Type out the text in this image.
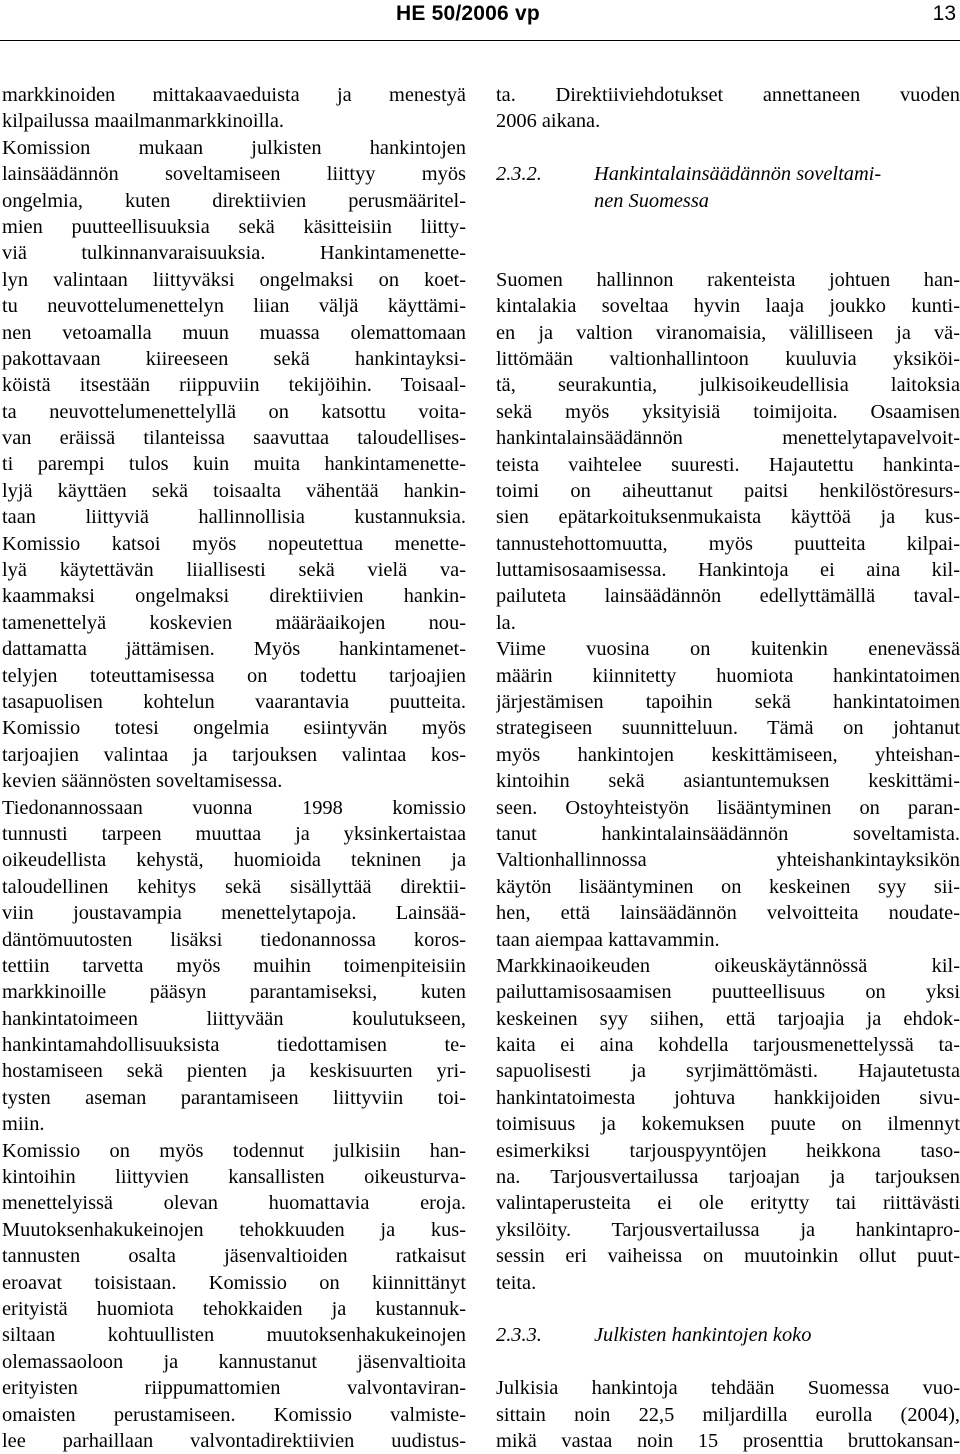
HE 50/2006 vp	13
markkinoiden mittakaavaeduista ja menestyä
kilpailussa maailmanmarkkinoilla.
Komission mukaan julkisten hankintojen
lainsäädännön soveltamiseen liittyy myös
ongelmia, kuten direktiivien perusmääritel-
mien puutteellisuuksia sekä käsitteisiin liitty-
viä tulkinnanvaraisuuksia. Hankintamenette-
lyn valintaan liittyväksi ongelmaksi on koet-
tu neuvottelumenettelyn liian väljä käyttämi-
nen vetoamalla muun muassa olemattomaan
pakottavaan kiireeseen sekä hankintayksi-
köistä itsestään riippuviin tekijöihin. Toisaal-
ta neuvottelumenettelyllä on katsottu voita-
van eräissä tilanteissa saavuttaa taloudellises-
ti parempi tulos kuin muita hankintamenette-
lyjä käyttäen sekä toisaalta vähentää hankin-
taan liittyviä hallinnollisia kustannuksia.
Komissio katsoi myös nopeutettua menette-
lyä käytettävän liiallisesti sekä vielä va-
kaammaksi ongelmaksi direktiivien hankin-
tamenettelyä koskevien määräaikojen nou-
dattamatta jättämisen. Myös hankintamenet-
telyjen toteuttamisessa on todettu tarjoajien
tasapuolisen kohtelun vaarantavia puutteita.
Komissio totesi ongelmia esiintyvän myös
tarjoajien valintaa ja tarjouksen valintaa kos-
kevien säännösten soveltamisessa.
Tiedonannossaan vuonna 1998 komissio
tunnusti tarpeen muuttaa ja yksinkertaistaa
oikeudellista kehystä, huomioida tekninen ja
taloudellinen kehitys sekä sisällyttää direktii-
viin joustavampia menettelytapoja. Lainsää-
däntömuutosten lisäksi tiedonannossa koros-
tettiin tarvetta myös muihin toimenpiteisiin
markkinoille pääsyn parantamiseksi, kuten
hankintatoimeen liittyvään koulutukseen,
hankintamahdollisuuksista tiedottamisen te-
hostamiseen sekä pienten ja keskisuurten yri-
tysten aseman parantamiseen liittyviin toi-
miin.
Komissio on myös todennut julkisiin han-
kintoihin liittyvien kansallisten oikeusturva-
menettelyissä olevan huomattavia eroja.
Muutoksenhakukeinojen tehokkuuden ja kus-
tannusten osalta jäsenvaltioiden ratkaisut
eroavat toisistaan. Komissio on kiinnittänyt
erityistä huomiota tehokkaiden ja kustannuk-
siltaan kohtuullisten muutoksenhakukeinojen
olemassaoloon ja kannustanut jäsenvaltioita
erityisten riippumattomien valvontaviran-
omaisten perustamiseen. Komissio valmiste-
lee parhaillaan valvontadirektiivien uudistus-
ta. Direktiiviehdotukset annettaneen vuoden
2006 aikana.
2.3.2.	Hankintalainsäädännön soveltami-
nen Suomessa
Suomen hallinnon rakenteista johtuen han-
kintalakia soveltaa hyvin laaja joukko kunti-
en ja valtion viranomaisia, välilliseen ja vä-
littömään valtionhallintoon kuuluvia yksiköi-
tä, seurakuntia, julkisoikeudellisia laitoksia
sekä myös yksityisiä toimijoita. Osaamisen
hankintalainsäädännön menettelytapavelvoit-
teista vaihtelee suuresti. Hajautettu hankinta-
toimi on aiheuttanut paitsi henkilöstöresurs-
sien epätarkoituksenmukaista käyttöä ja kus-
tannustehottomuutta, myös puutteita kilpai-
luttamisosaamisessa. Hankintoja ei aina kil-
pailuteta lainsäädännön edellyttämällä taval-
la.
Viime vuosina on kuitenkin enenevässä
määrin kiinnitetty huomiota hankintatoimen
järjestämisen tapoihin sekä hankintatoimen
strategiseen suunnitteluun. Tämä on johtanut
myös hankintojen keskittämiseen, yhteishan-
kintoihin sekä asiantuntemuksen keskittämi-
seen. Ostoyhteistyön lisääntyminen on paran-
tanut hankintalainsäädännön soveltamista.
Valtionhallinnossa yhteishankintayksikön
käytön lisääntyminen on keskeinen syy sii-
hen, että lainsäädännön velvoitteita noudate-
taan aiempaa kattavammin.
Markkinaoikeuden oikeuskäytännössä kil-
pailuttamisosaamisen puutteellisuus on yksi
keskeinen syy siihen, että tarjoajia ja ehdok-
kaita ei aina kohdella tarjousmenettelyssä ta-
sapuolisesti ja syrjimättömästi. Hajautetusta
hankintatoimesta johtuva hankkijoiden sivu-
toimisuus ja kokemuksen puute on ilmennyt
esimerkiksi tarjouspyyntöjen heikkona taso-
na. Tarjousvertailussa tarjoajan ja tarjouksen
valintaperusteita ei ole eritytty tai riittävästi
yksilöity. Tarjousvertailussa ja hankintapro-
sessin eri vaiheissa on muutoinkin ollut puut-
teita.
2.3.3.	Julkisten hankintojen koko
Julkisia hankintoja tehdään Suomessa vuo-
sittain noin 22,5 miljardilla eurolla (2004),
mikä vastaa noin 15 prosenttia bruttokansan-
